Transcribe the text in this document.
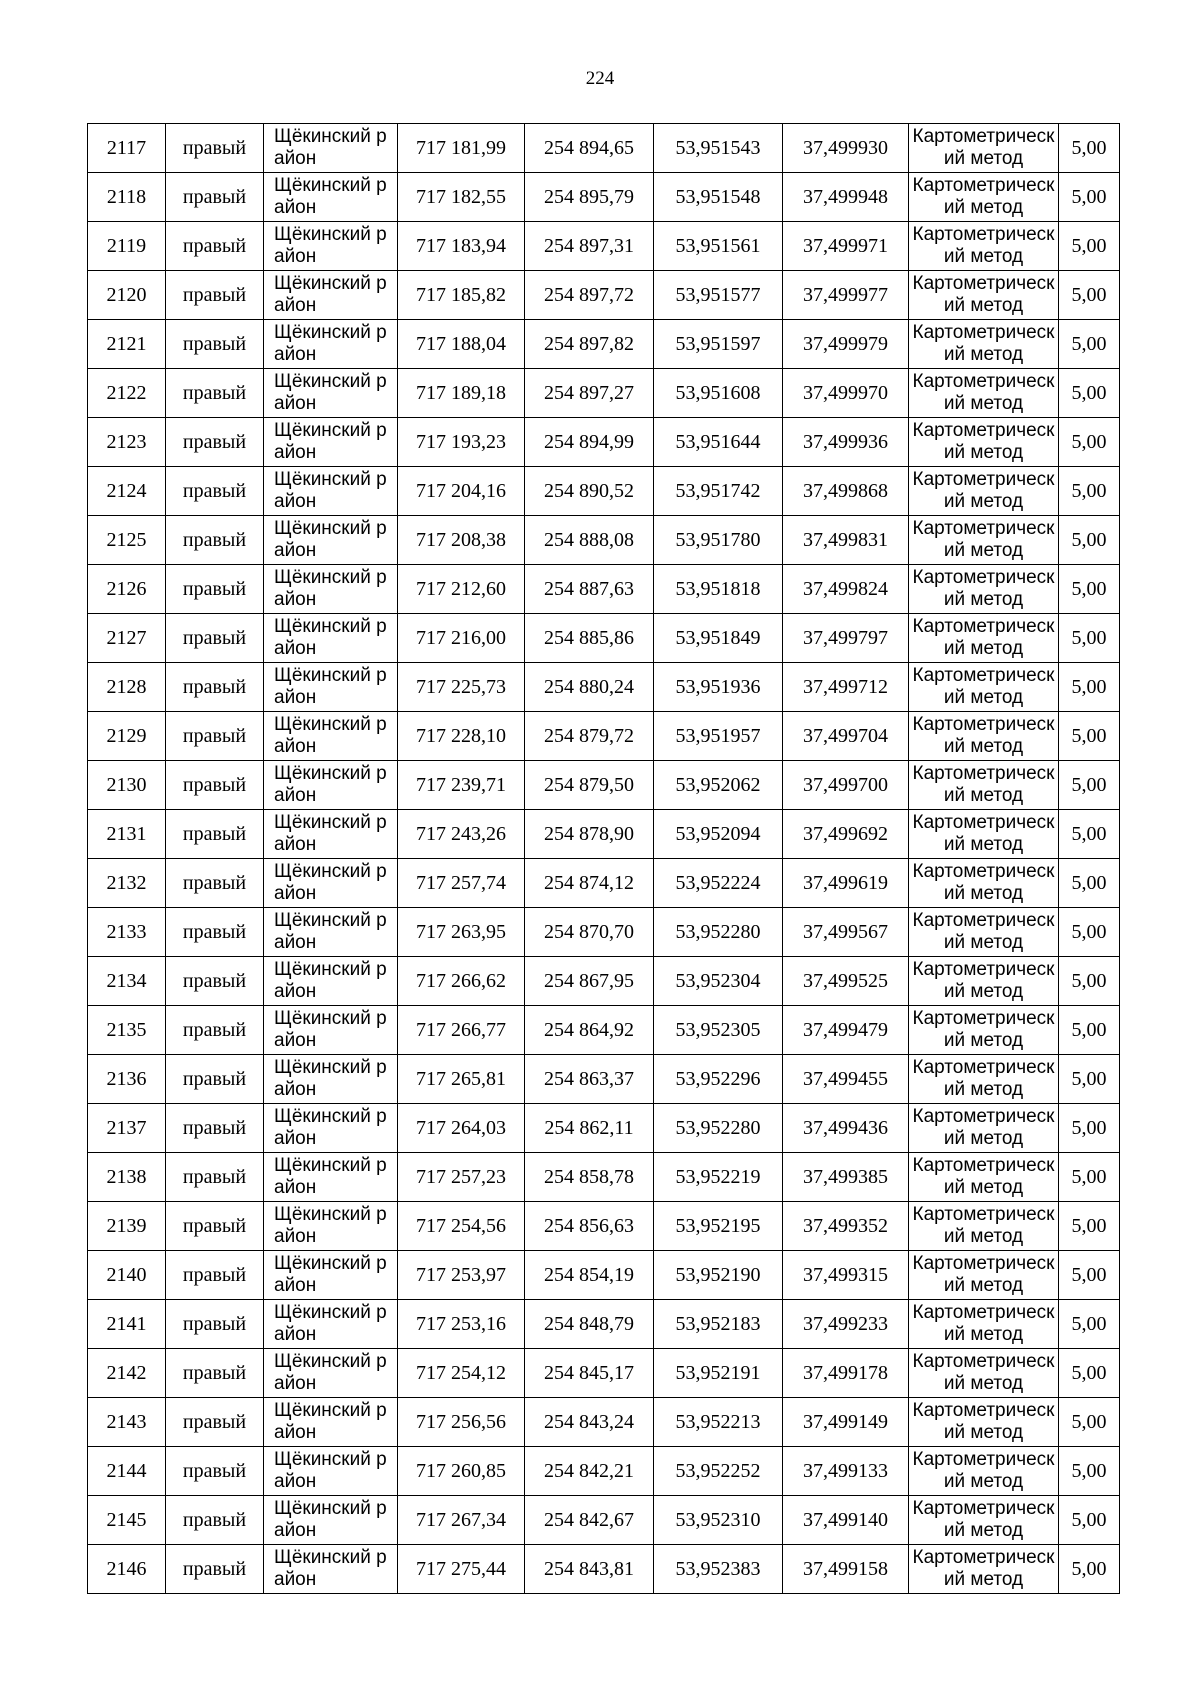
224
2117	правый	Щёкинский район	717 181,99	254 894,65	53,951543	37,499930	Картометрический метод	5,00
2118	правый	Щёкинский район	717 182,55	254 895,79	53,951548	37,499948	Картометрический метод	5,00
2119	правый	Щёкинский район	717 183,94	254 897,31	53,951561	37,499971	Картометрический метод	5,00
2120	правый	Щёкинский район	717 185,82	254 897,72	53,951577	37,499977	Картометрический метод	5,00
2121	правый	Щёкинский район	717 188,04	254 897,82	53,951597	37,499979	Картометрический метод	5,00
2122	правый	Щёкинский район	717 189,18	254 897,27	53,951608	37,499970	Картометрический метод	5,00
2123	правый	Щёкинский район	717 193,23	254 894,99	53,951644	37,499936	Картометрический метод	5,00
2124	правый	Щёкинский район	717 204,16	254 890,52	53,951742	37,499868	Картометрический метод	5,00
2125	правый	Щёкинский район	717 208,38	254 888,08	53,951780	37,499831	Картометрический метод	5,00
2126	правый	Щёкинский район	717 212,60	254 887,63	53,951818	37,499824	Картометрический метод	5,00
2127	правый	Щёкинский район	717 216,00	254 885,86	53,951849	37,499797	Картометрический метод	5,00
2128	правый	Щёкинский район	717 225,73	254 880,24	53,951936	37,499712	Картометрический метод	5,00
2129	правый	Щёкинский район	717 228,10	254 879,72	53,951957	37,499704	Картометрический метод	5,00
2130	правый	Щёкинский район	717 239,71	254 879,50	53,952062	37,499700	Картометрический метод	5,00
2131	правый	Щёкинский район	717 243,26	254 878,90	53,952094	37,499692	Картометрический метод	5,00
2132	правый	Щёкинский район	717 257,74	254 874,12	53,952224	37,499619	Картометрический метод	5,00
2133	правый	Щёкинский район	717 263,95	254 870,70	53,952280	37,499567	Картометрический метод	5,00
2134	правый	Щёкинский район	717 266,62	254 867,95	53,952304	37,499525	Картометрический метод	5,00
2135	правый	Щёкинский район	717 266,77	254 864,92	53,952305	37,499479	Картометрический метод	5,00
2136	правый	Щёкинский район	717 265,81	254 863,37	53,952296	37,499455	Картометрический метод	5,00
2137	правый	Щёкинский район	717 264,03	254 862,11	53,952280	37,499436	Картометрический метод	5,00
2138	правый	Щёкинский район	717 257,23	254 858,78	53,952219	37,499385	Картометрический метод	5,00
2139	правый	Щёкинский район	717 254,56	254 856,63	53,952195	37,499352	Картометрический метод	5,00
2140	правый	Щёкинский район	717 253,97	254 854,19	53,952190	37,499315	Картометрический метод	5,00
2141	правый	Щёкинский район	717 253,16	254 848,79	53,952183	37,499233	Картометрический метод	5,00
2142	правый	Щёкинский район	717 254,12	254 845,17	53,952191	37,499178	Картометрический метод	5,00
2143	правый	Щёкинский район	717 256,56	254 843,24	53,952213	37,499149	Картометрический метод	5,00
2144	правый	Щёкинский район	717 260,85	254 842,21	53,952252	37,499133	Картометрический метод	5,00
2145	правый	Щёкинский район	717 267,34	254 842,67	53,952310	37,499140	Картометрический метод	5,00
2146	правый	Щёкинский район	717 275,44	254 843,81	53,952383	37,499158	Картометрический метод	5,00
